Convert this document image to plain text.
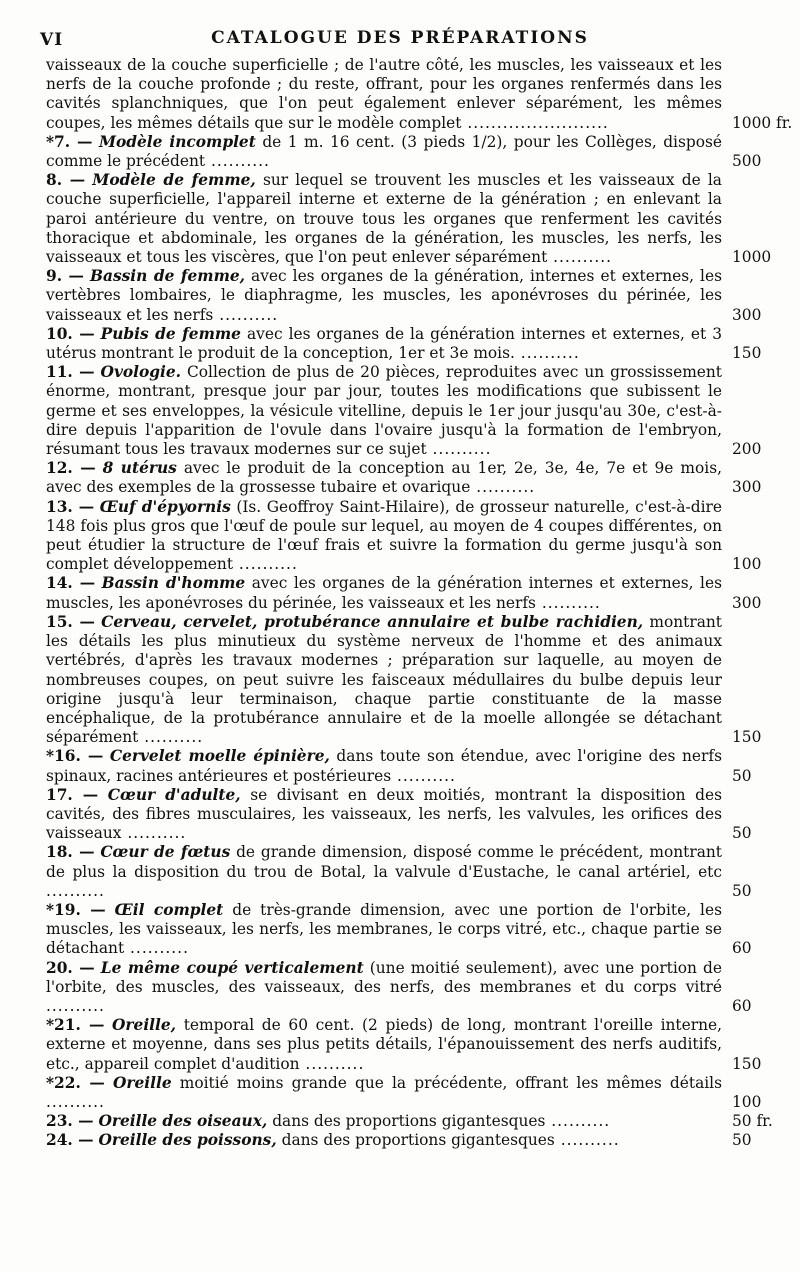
VI	CATALOGUE DES PRÉPARATIONS
vaisseaux de la couche superficielle ; de l'autre côté, les muscles, les vaisseaux et les nerfs de la couche profonde ; du reste, offrant, pour les organes renfermés dans les cavités splanchniques, que l'on peut également enlever séparément, les mêmes coupes, les mêmes détails que sur le modèle complet ........................	1000 fr.
*7. — Modèle incomplet de 1 m. 16 cent. (3 pieds 1/2), pour les Collèges, disposé comme le précédent ..........	500
8. — Modèle de femme, sur lequel se trouvent les muscles et les vaisseaux de la couche superficielle, l'appareil interne et externe de la génération ; en enlevant la paroi antérieure du ventre, on trouve tous les organes que renferment les cavités thoracique et abdominale, les organes de la génération, les muscles, les nerfs, les vaisseaux et tous les viscères, que l'on peut enlever séparément ..........	1000
9. — Bassin de femme, avec les organes de la génération, internes et externes, les vertèbres lombaires, le diaphragme, les muscles, les aponévroses du périnée, les vaisseaux et les nerfs ..........	300
10. — Pubis de femme avec les organes de la génération internes et externes, et 3 utérus montrant le produit de la conception, 1er et 3e mois. ..........	150
11. — Ovologie. Collection de plus de 20 pièces, reproduites avec un grossissement énorme, montrant, presque jour par jour, toutes les modifications que subissent le germe et ses enveloppes, la vésicule vitelline, depuis le 1er jour jusqu'au 30e, c'est-à-dire depuis l'apparition de l'ovule dans l'ovaire jusqu'à la formation de l'embryon, résumant tous les travaux modernes sur ce sujet ..........	200
12. — 8 utérus avec le produit de la conception au 1er, 2e, 3e, 4e, 7e et 9e mois, avec des exemples de la grossesse tubaire et ovarique ..........	300
13. — Œuf d'épyornis (Is. Geoffroy Saint-Hilaire), de grosseur naturelle, c'est-à-dire 148 fois plus gros que l'œuf de poule sur lequel, au moyen de 4 coupes différentes, on peut étudier la structure de l'œuf frais et suivre la formation du germe jusqu'à son complet développement ..........	100
14. — Bassin d'homme avec les organes de la génération internes et externes, les muscles, les aponévroses du périnée, les vaisseaux et les nerfs ..........	300
15. — Cerveau, cervelet, protubérance annulaire et bulbe rachidien, montrant les détails les plus minutieux du système nerveux de l'homme et des animaux vertébrés, d'après les travaux modernes ; préparation sur laquelle, au moyen de nombreuses coupes, on peut suivre les faisceaux médullaires du bulbe depuis leur origine jusqu'à leur terminaison, chaque partie constituante de la masse encéphalique, de la protubérance annulaire et de la moelle allongée se détachant séparément ..........	150
*16. — Cervelet moelle épinière, dans toute son étendue, avec l'origine des nerfs spinaux, racines antérieures et postérieures ..........	50
17. — Cœur d'adulte, se divisant en deux moitiés, montrant la disposition des cavités, des fibres musculaires, les vaisseaux, les nerfs, les valvules, les orifices des vaisseaux ..........	50
18. — Cœur de fœtus de grande dimension, disposé comme le précédent, montrant de plus la disposition du trou de Botal, la valvule d'Eustache, le canal artériel, etc ..........	50
*19. — Œil complet de très-grande dimension, avec une portion de l'orbite, les muscles, les vaisseaux, les nerfs, les membranes, le corps vitré, etc., chaque partie se détachant ..........	60
20. — Le même coupé verticalement (une moitié seulement), avec une portion de l'orbite, des muscles, des vaisseaux, des nerfs, des membranes et du corps vitré ..........	60
*21. — Oreille, temporal de 60 cent. (2 pieds) de long, montrant l'oreille interne, externe et moyenne, dans ses plus petits détails, l'épanouissement des nerfs auditifs, etc., appareil complet d'audition ..........	150
*22. — Oreille moitié moins grande que la précédente, offrant les mêmes détails ..........	100
23. — Oreille des oiseaux, dans des proportions gigantesques ..........	50 fr.
24. — Oreille des poissons, dans des proportions gigantesques ..........	50
